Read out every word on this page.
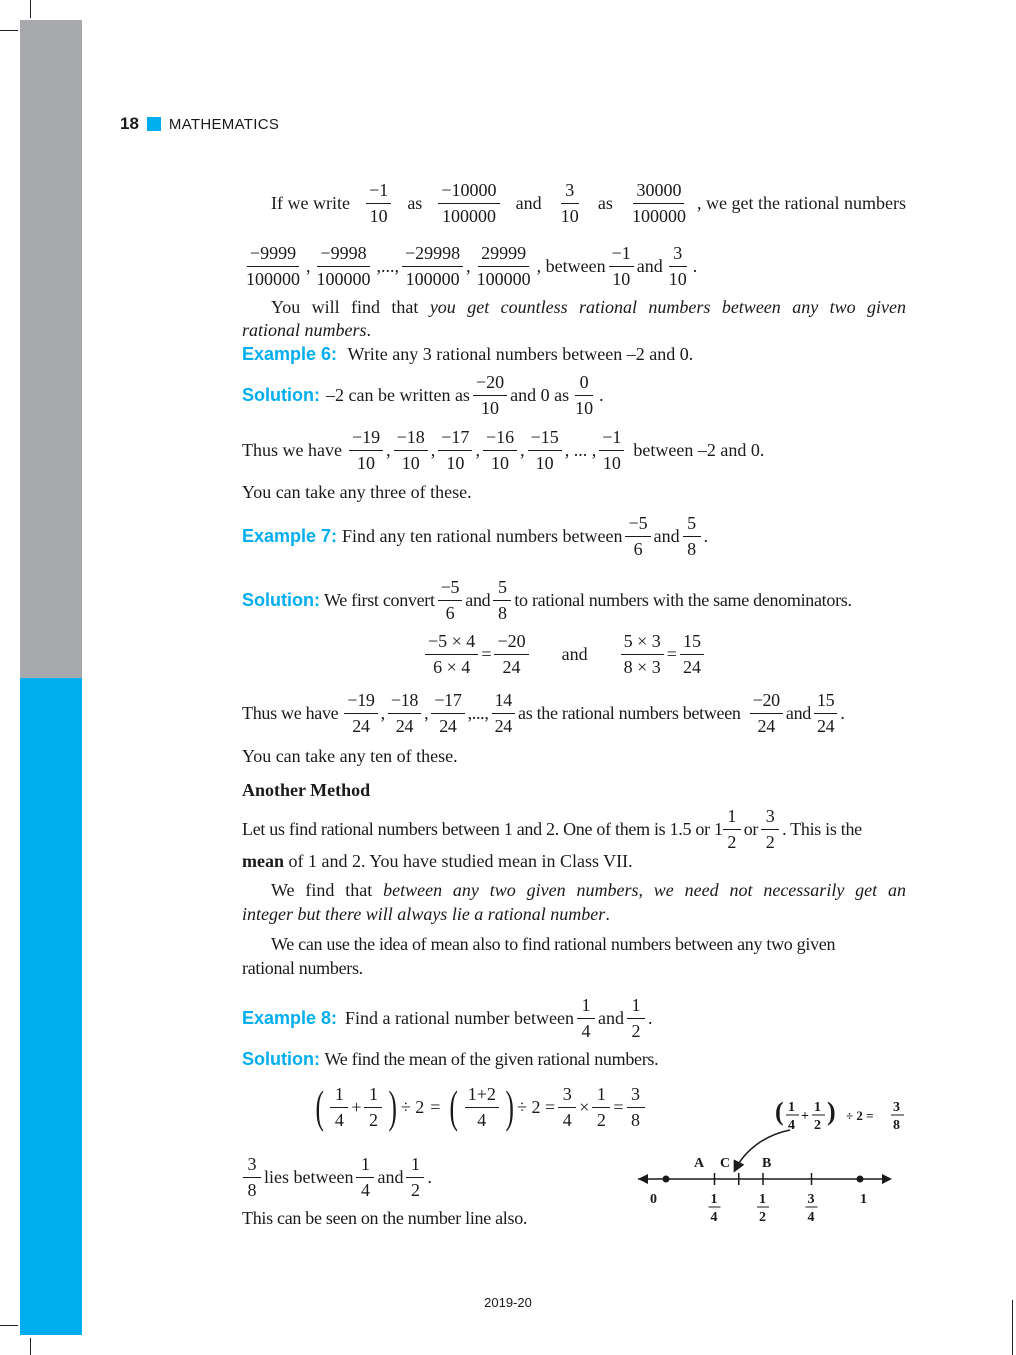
18 MATHEMATICS
If we write $\frac{-1}{10}$ as $\frac{-10000}{100000}$ and $\frac{3}{10}$ as $\frac{30000}{100000}$ , we get the rational numbers
$\frac{-9999}{100000}$ , $\frac{-9998}{100000}$ ,..., $\frac{-29998}{100000}$ , $\frac{29999}{100000}$ , between $\frac{-1}{10}$ and $\frac{3}{10}$ .
You will find that you get countless rational numbers between any two given
rational numbers.
Example 6: Write any 3 rational numbers between –2 and 0.
Solution: –2 can be written as $\frac{-20}{10}$ and 0 as $\frac{0}{10}$ .
Thus we have $\frac{-19}{10}$ , $\frac{-18}{10}$ , $\frac{-17}{10}$ , $\frac{-16}{10}$ , $\frac{-15}{10}$ , ... , $\frac{-1}{10}$ between –2 and 0.
You can take any three of these.
Example 7: Find any ten rational numbers between $\frac{-5}{6}$ and $\frac{5}{8}$ .
Solution: We first convert $\frac{-5}{6}$ and $\frac{5}{8}$ to rational numbers with the same denominators.
$\frac{-5 \times 4}{6 \times 4} = \frac{-20}{24}$ and $\frac{5 \times 3}{8 \times 3} = \frac{15}{24}$
Thus we have $\frac{-19}{24}$ , $\frac{-18}{24}$ , $\frac{-17}{24}$ ,..., $\frac{14}{24}$ as the rational numbers between $\frac{-20}{24}$ and $\frac{15}{24}$ .
You can take any ten of these.
Another Method
Let us find rational numbers between 1 and 2. One of them is 1.5 or $1 \frac{1}{2}$ or $\frac{3}{2}$ . This is the
mean of 1 and 2. You have studied mean in Class VII.
We find that between any two given numbers, we need not necessarily get an
integer but there will always lie a rational number.
We can use the idea of mean also to find rational numbers between any two given
rational numbers.
Example 8: Find a rational number between $\frac{1}{4}$ and $\frac{1}{2}$ .
Solution: We find the mean of the given rational numbers.
( $\frac{1}{4} + \frac{1}{2}$ ) ÷ 2 = ( $\frac{1+2}{4}$ ) ÷ $2 = \frac{3}{4} \times \frac{1}{2} = \frac{3}{8}$
$\frac{3}{8}$ lies between $\frac{1}{4}$ and $\frac{1}{2}$ .
This can be seen on the number line also.
( 1
4
+
1
2 ) ÷ 2 =
3
8
0	1
4
1
2
3
4
1
A C B
2019-20
